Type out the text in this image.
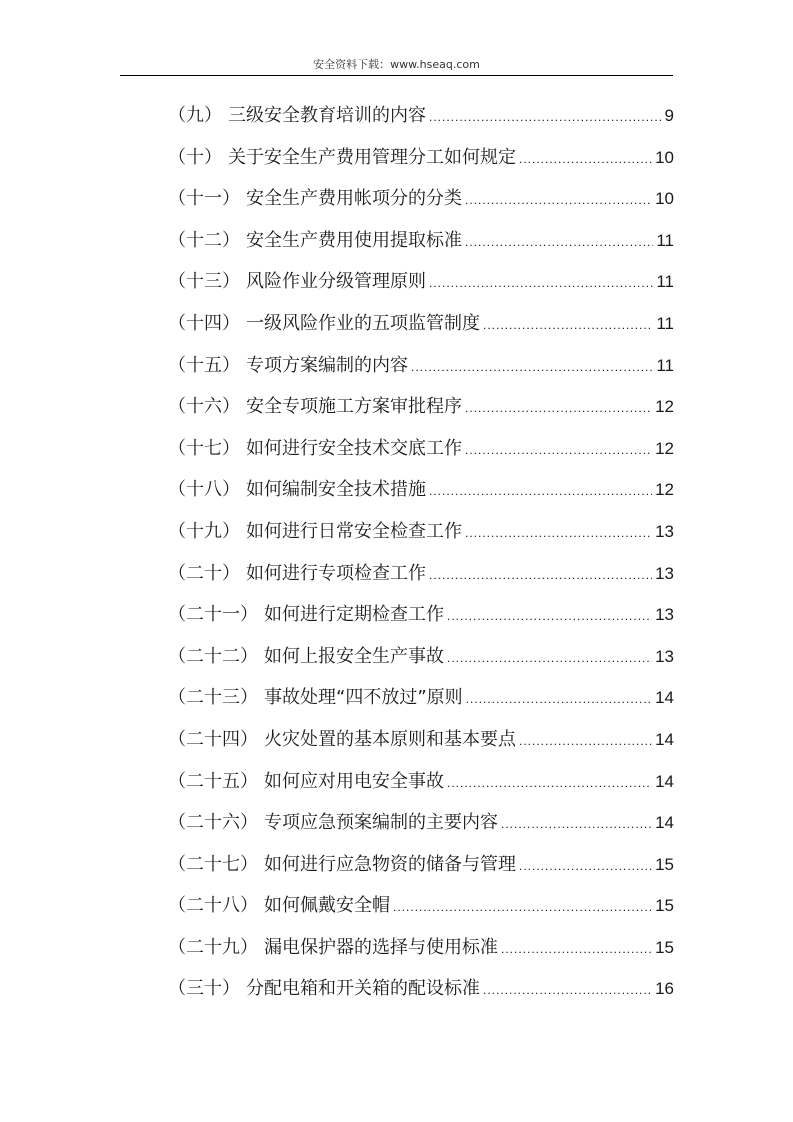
安全资料下载：www.hseaq.com
（九） 三级安全教育培训的内容 .....	9
（十） 关于安全生产费用管理分工如何规定 .....	10
（十一） 安全生产费用帐项分的分类 .....	10
（十二） 安全生产费用使用提取标准 .....	11
（十三） 风险作业分级管理原则 .....	11
（十四） 一级风险作业的五项监管制度 .....	11
（十五） 专项方案编制的内容 .....	11
（十六） 安全专项施工方案审批程序 .....	12
（十七） 如何进行安全技术交底工作 .....	12
（十八） 如何编制安全技术措施 .....	12
（十九） 如何进行日常安全检查工作 .....	13
（二十） 如何进行专项检查工作 .....	13
（二十一） 如何进行定期检查工作 .....	13
（二十二） 如何上报安全生产事故 .....	13
（二十三） 事故处理“四不放过”原则 .....	14
（二十四） 火灾处置的基本原则和基本要点 .....	14
（二十五） 如何应对用电安全事故 .....	14
（二十六） 专项应急预案编制的主要内容 .....	14
（二十七） 如何进行应急物资的储备与管理 .....	15
（二十八） 如何佩戴安全帽 .....	15
（二十九） 漏电保护器的选择与使用标准 .....	15
（三十） 分配电箱和开关箱的配设标准 .....	16
